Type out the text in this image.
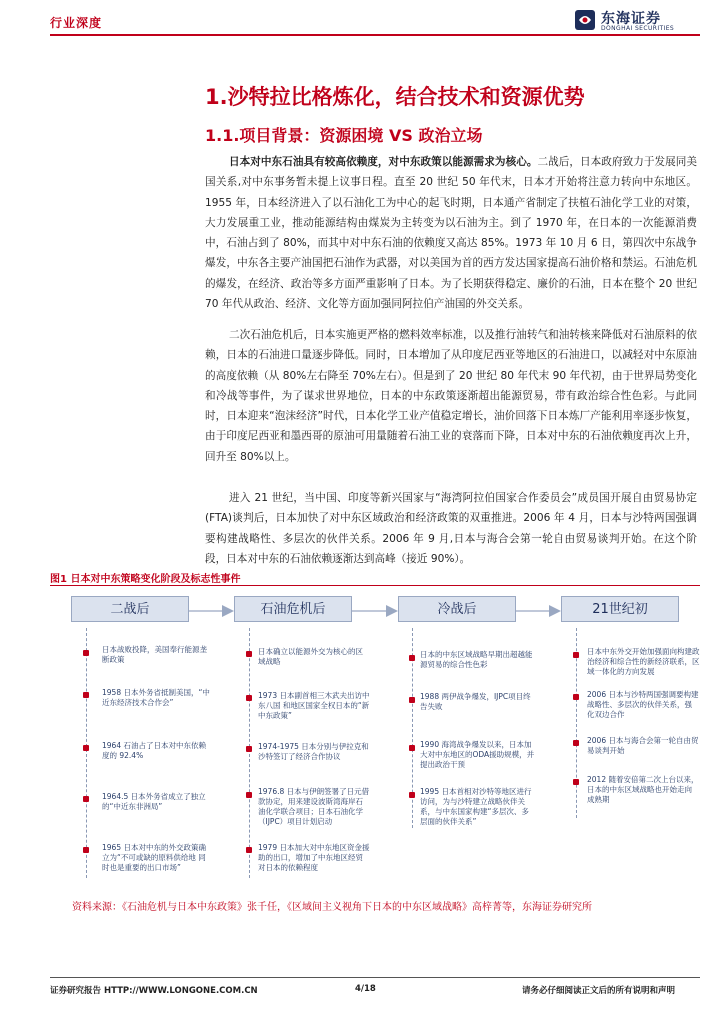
行业深度	东海证券
DONGHAI SECURITIES
1.沙特拉比格炼化，结合技术和资源优势
1.1.项目背景：资源困境 VS 政治立场
日本对中东石油具有较高依赖度，对中东政策以能源需求为核心。二战后，日本政府致力于发展同美国关系,对中东事务暂未提上议事日程。直至 20 世纪 50 年代末，日本才开始将注意力转向中东地区。1955 年，日本经济进入了以石油化工为中心的起飞时期，日本通产省制定了扶植石油化学工业的对策，大力发展重工业，推动能源结构由煤炭为主转变为以石油为主。到了 1970 年，在日本的一次能源消费中，石油占到了 80%，而其中对中东石油的依赖度又高达 85%。1973 年 10 月 6 日，第四次中东战争爆发，中东各主要产油国把石油作为武器，对以美国为首的西方发达国家提高石油价格和禁运。石油危机的爆发，在经济、政治等多方面严重影响了日本。为了长期获得稳定、廉价的石油，日本在整个 20 世纪 70 年代从政治、经济、文化等方面加强同阿拉伯产油国的外交关系。
二次石油危机后，日本实施更严格的燃料效率标准，以及推行油转气和油转核来降低对石油原料的依赖，日本的石油进口量逐步降低。同时，日本增加了从印度尼西亚等地区的石油进口，以减轻对中东原油的高度依赖（从 80%左右降至 70%左右）。但是到了 20 世纪 80 年代末 90 年代初，由于世界局势变化和冷战等事件，为了谋求世界地位，日本的中东政策逐渐超出能源贸易，带有政治综合性色彩。与此同时，日本迎来“泡沫经济”时代，日本化学工业产值稳定增长，油价回落下日本炼厂产能利用率逐步恢复，由于印度尼西亚和墨西哥的原油可用量随着石油工业的衰落而下降，日本对中东的石油依赖度再次上升，回升至 80%以上。
进入 21 世纪，当中国、印度等新兴国家与“海湾阿拉伯国家合作委员会”成员国开展自由贸易协定(FTA)谈判后，日本加快了对中东区域政治和经济政策的双重推进。2006 年 4 月，日本与沙特两国强调要构建战略性、多层次的伙伴关系。2006 年 9 月,日本与海合会第一轮自由贸易谈判开始。在这个阶段，日本对中东的石油依赖逐渐达到高峰（接近 90%）。
图1 日本对中东策略变化阶段及标志性事件
二战后	石油危机后	冷战后	21世纪初
日本战败投降，美国奉行能源垄断政策
1958 日本外务省抵制美国，“中近东经济技术合作会”
1964 石油占了日本对中东依赖度的 92.4%
1964.5 日本外务省成立了独立的“中近东非洲局”
1965 日本对中东的外交政策确立为“不可或缺的原料供给地 同时也是重要的出口市场”
日本确立以能源外交为核心的区域战略
1973 日本副首相三木武夫出访中东八国 和地区国家全权日本的“新中东政策”
1974-1975 日本分别与伊拉克和沙特签订了经济合作协议
1976.8 日本与伊朗签署了日元借款协定，用来建设波斯湾海岸石油化学联合项目；日本石油化学（IJPC）项目计划启动
1979 日本加大对中东地区资金援助的出口，增加了中东地区经贸对日本的依赖程度
日本的中东区域战略早期出超越能源贸易的综合性色彩
1988 两伊战争爆发，IJPC项目终告失败
1990 海湾战争爆发以来，日本加大对中东地区的ODA援助规模，并提出政治干预
1995 日本首相对沙特等地区进行访问，为与沙特建立战略伙伴关系，与中东国家构建“多层次、多层面的伙伴关系”
日本中东外交开始加强面向构建政治经济和综合性的新经济联系，区域一体化的方向发展
2006 日本与沙特两国强调要构建战略性、多层次的伙伴关系，强化双边合作
2006 日本与海合会第一轮自由贸易谈判开始
2012 随着安倍第二次上台以来，日本的中东区域战略也开始走向成熟期
资料来源：《石油危机与日本中东政策》张千任，《区域间主义视角下日本的中东区域战略》高梓菁等，东海证券研究所
证券研究报告 HTTP://WWW.LONGONE.COM.CN	4/18	请务必仔细阅读正文后的所有说明和声明
